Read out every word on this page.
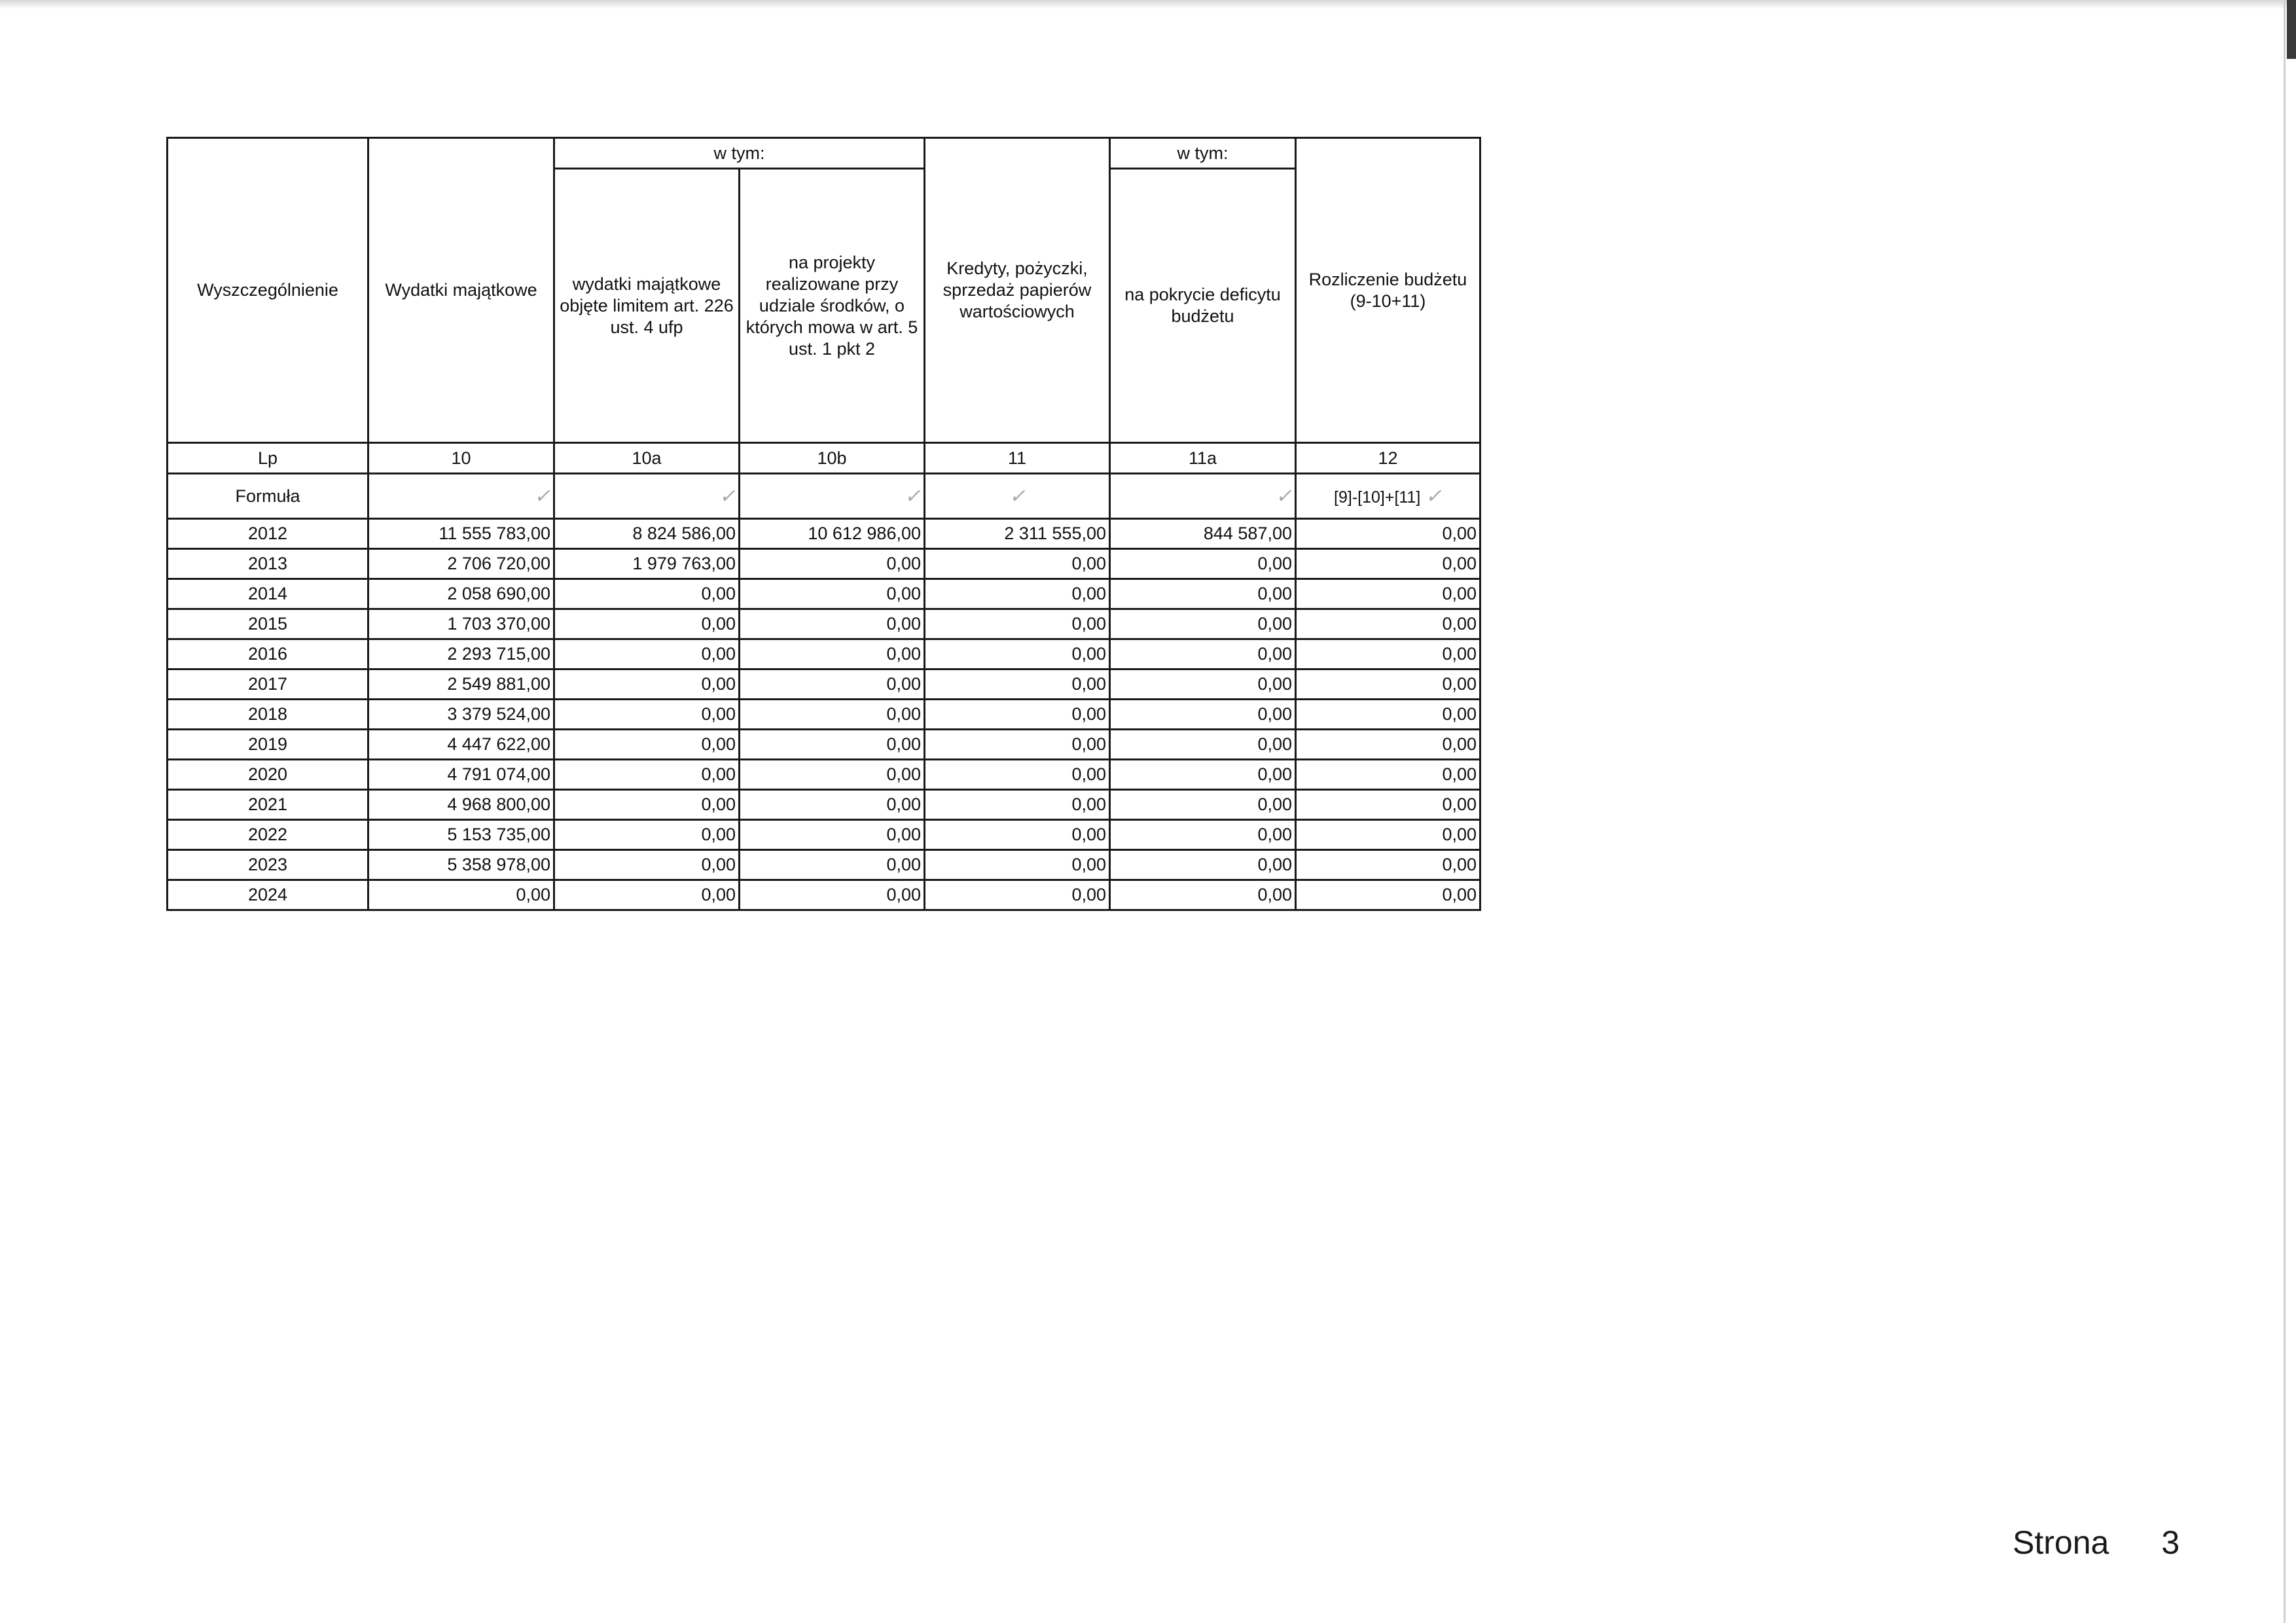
Wyszczególnienie	Wydatki majątkowe	w tym:		Kredyty, pożyczki, sprzedaż papierów wartościowych	w tym:	Rozliczenie budżetu (9-10+11)
		wydatki majątkowe objęte limitem art. 226 ust. 4 ufp	na projekty realizowane przy udziale środków, o których mowa w art. 5 ust. 1 pkt 2		na pokrycie deficytu budżetu	
Lp	10	10a	10b	11	11a	12
Formuła	✓	✓	✓	✓	✓	[9]-[10]+[11] ✓
2012	11 555 783,00	8 824 586,00	10 612 986,00	2 311 555,00	844 587,00	0,00
2013	2 706 720,00	1 979 763,00	0,00	0,00	0,00	0,00
2014	2 058 690,00	0,00	0,00	0,00	0,00	0,00
2015	1 703 370,00	0,00	0,00	0,00	0,00	0,00
2016	2 293 715,00	0,00	0,00	0,00	0,00	0,00
2017	2 549 881,00	0,00	0,00	0,00	0,00	0,00
2018	3 379 524,00	0,00	0,00	0,00	0,00	0,00
2019	4 447 622,00	0,00	0,00	0,00	0,00	0,00
2020	4 791 074,00	0,00	0,00	0,00	0,00	0,00
2021	4 968 800,00	0,00	0,00	0,00	0,00	0,00
2022	5 153 735,00	0,00	0,00	0,00	0,00	0,00
2023	5 358 978,00	0,00	0,00	0,00	0,00	0,00
2024	0,00	0,00	0,00	0,00	0,00	0,00
Strona 3
